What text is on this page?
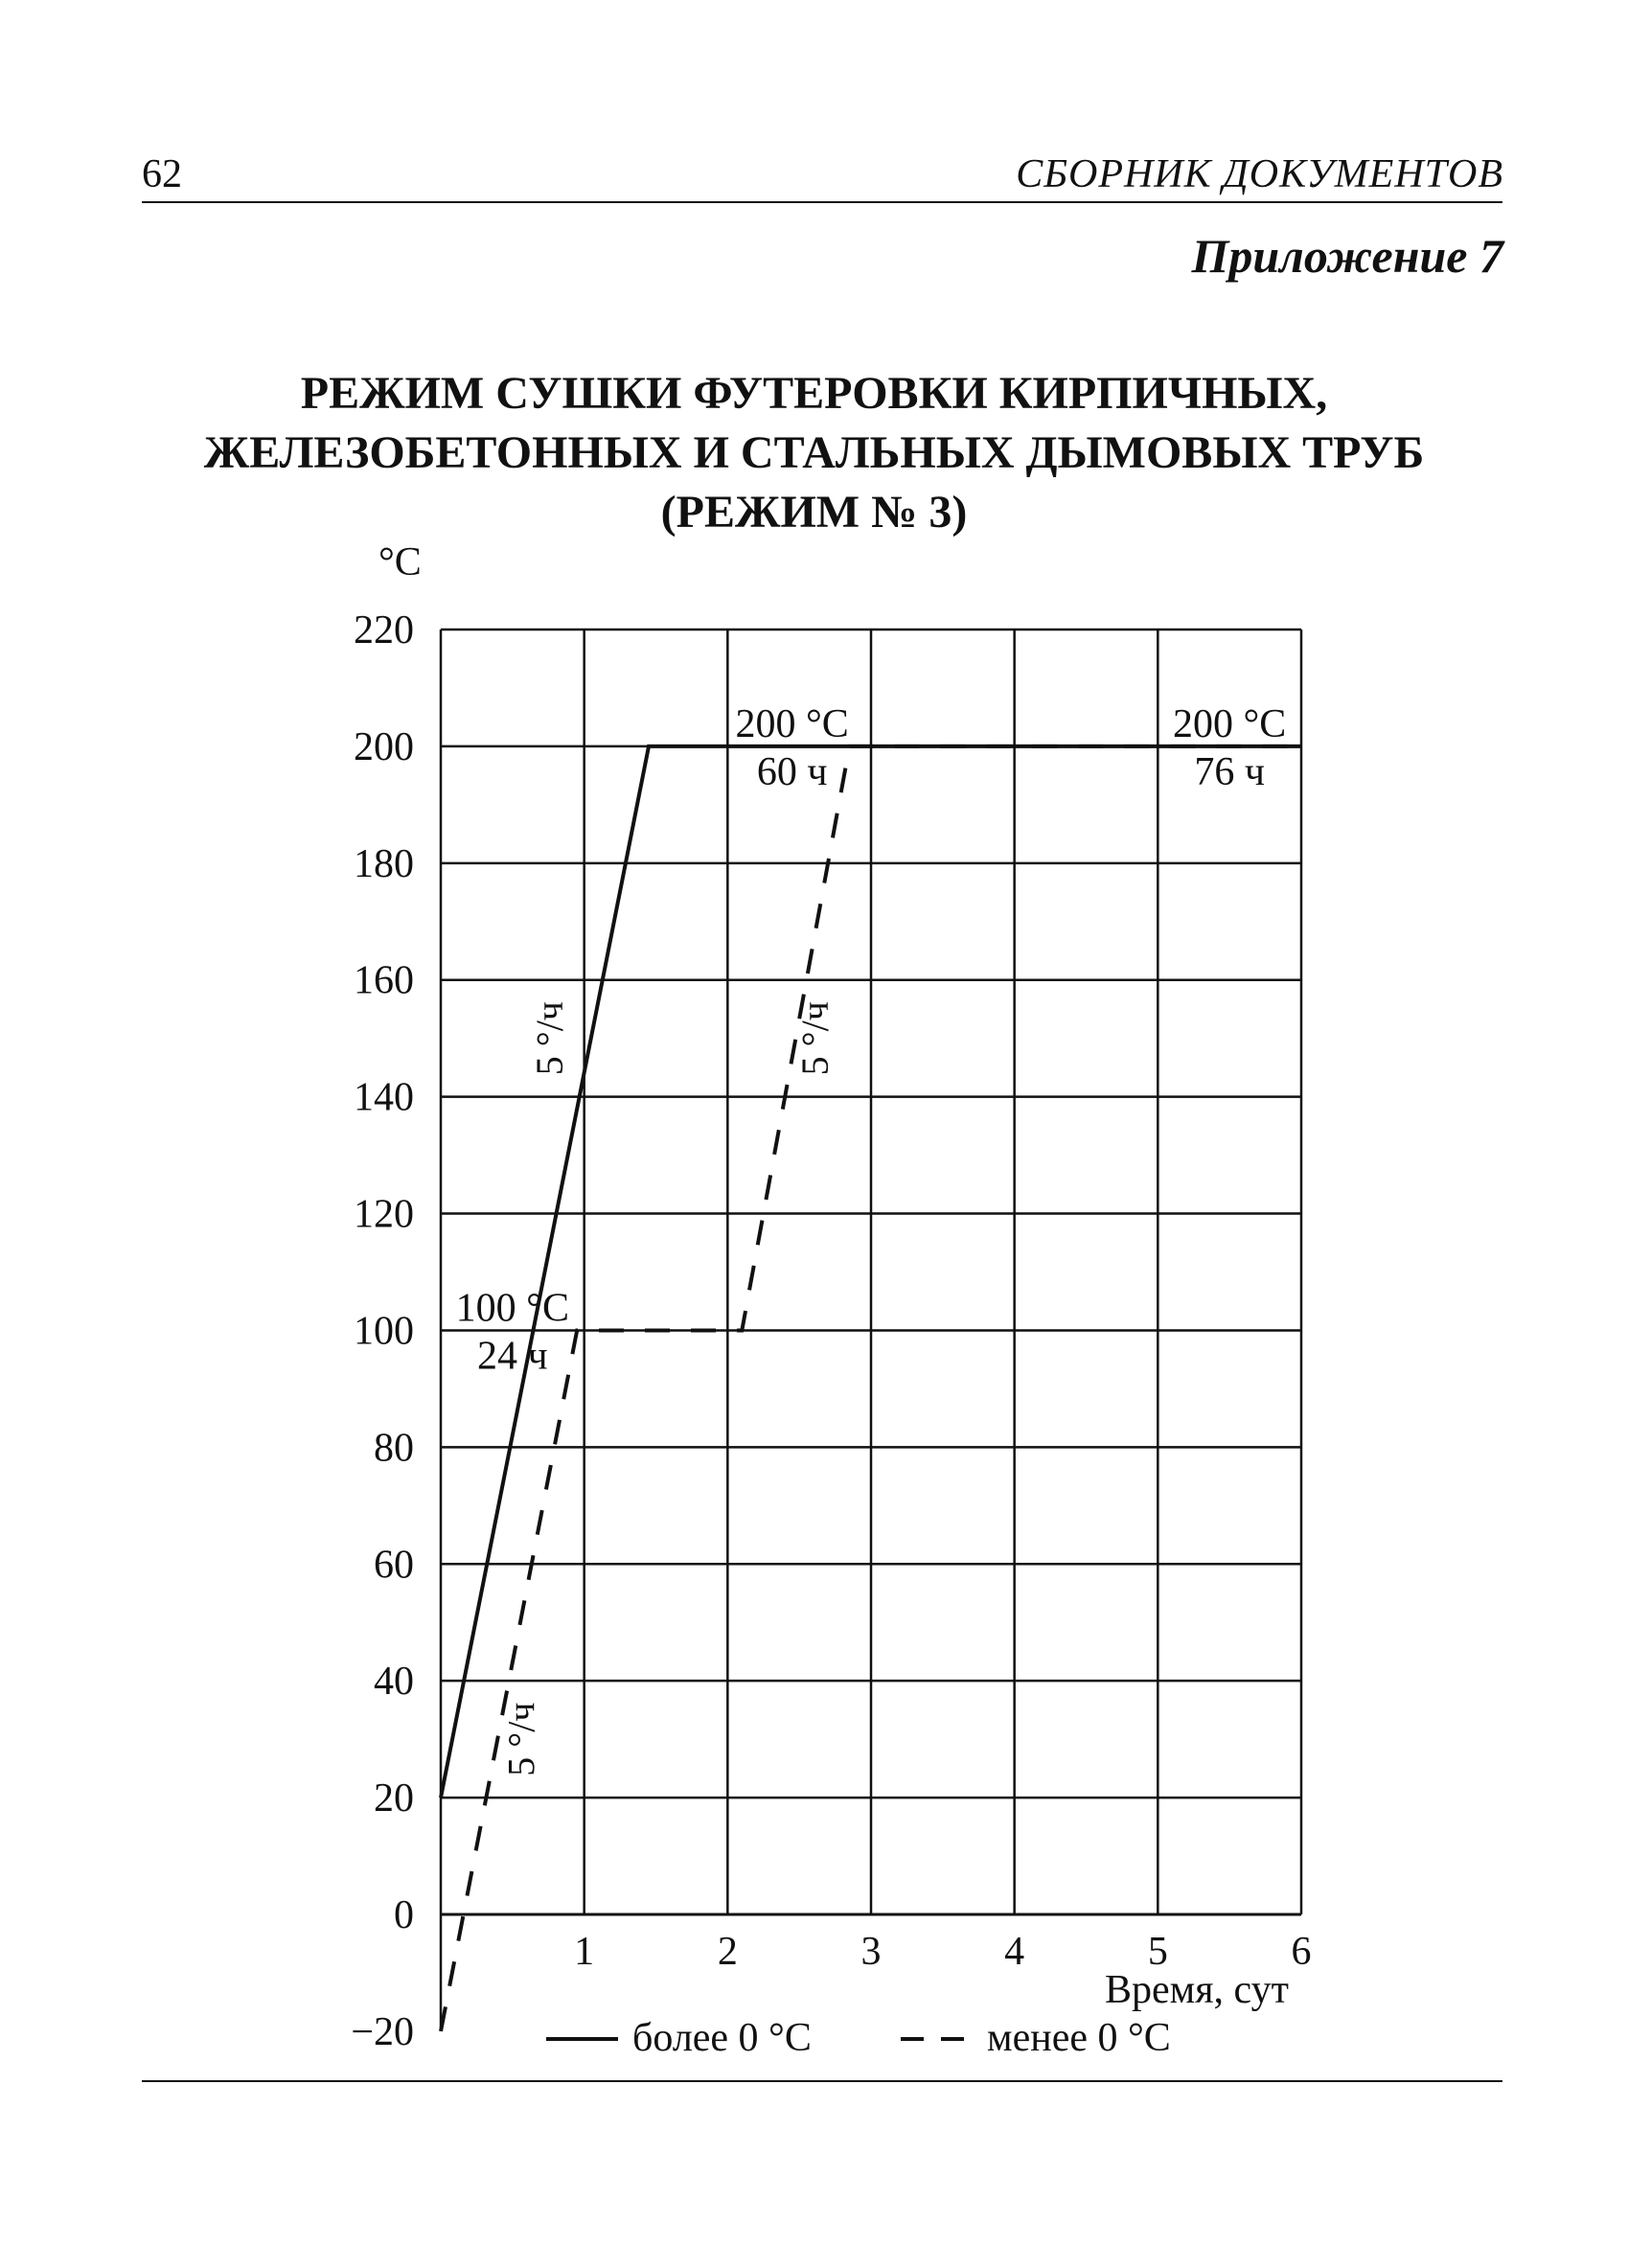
62	СБОРНИК ДОКУМЕНТОВ
Приложение 7
РЕЖИМ СУШКИ ФУТЕРОВКИ КИРПИЧНЫХ,
ЖЕЛЕЗОБЕТОННЫХ И СТАЛЬНЫХ ДЫМОВЫХ ТРУБ
(РЕЖИМ № 3)
220
200
180
160
140
120
100
80
60
40
20
0
−20
°C
1	2	3	4	5	6
Время, сут
100 °C
24 ч
200 °C
60 ч
200 °C
76 ч
5 °/ч	5 °/ч
5 °/ч
более 0 °C	менее 0 °C
